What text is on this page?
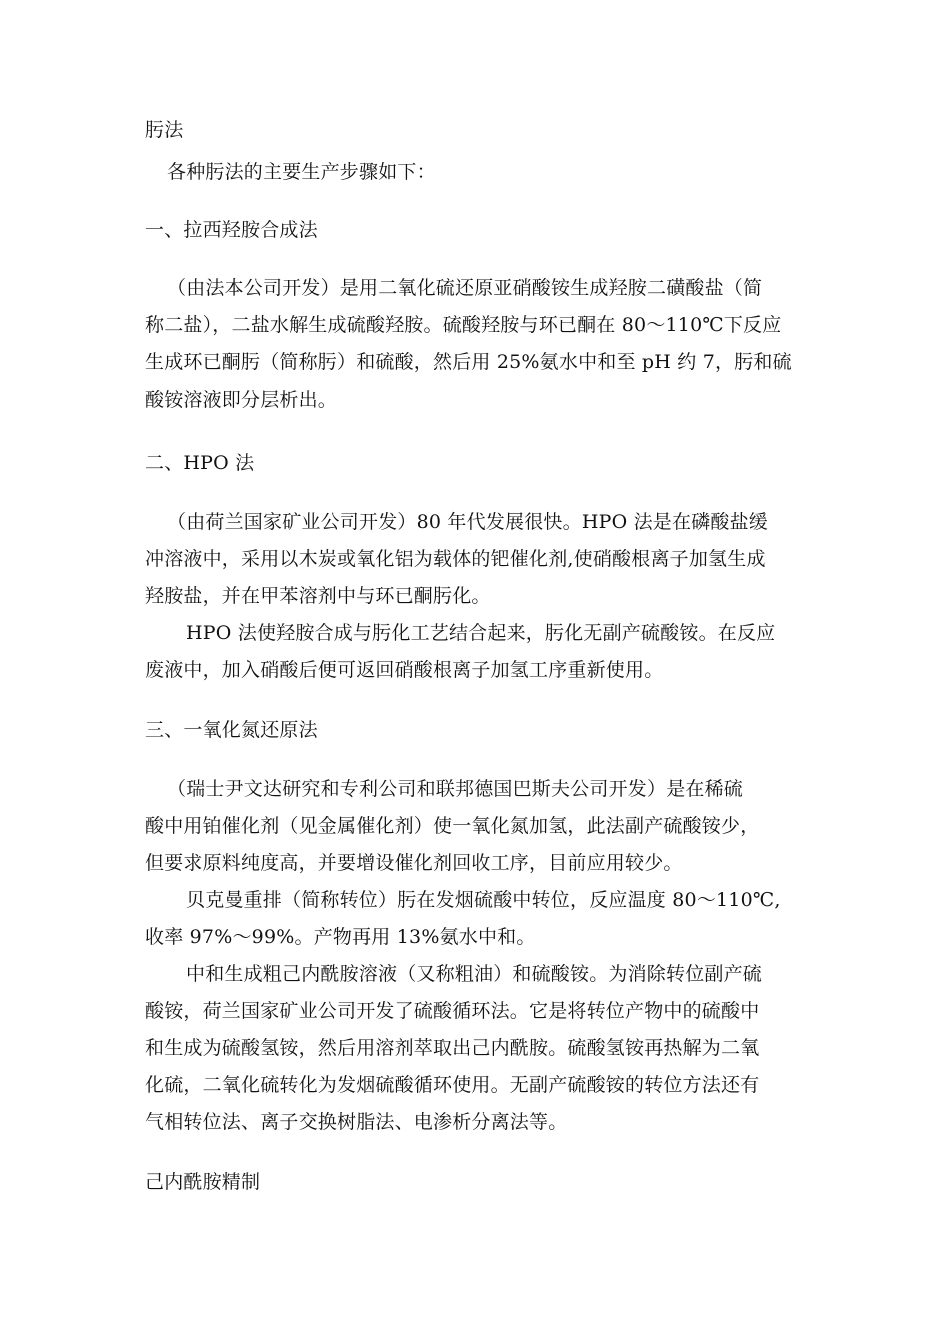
肟法
各种肟法的主要生产步骤如下：
一、拉西羟胺合成法
（由法本公司开发）是用二氧化硫还原亚硝酸铵生成羟胺二磺酸盐（简
称二盐），二盐水解生成硫酸羟胺。硫酸羟胺与环已酮在 80～110℃下反应
生成环已酮肟（简称肟）和硫酸，然后用 25%氨水中和至 pH 约 7，肟和硫
酸铵溶液即分层析出。
二、HPO 法
（由荷兰国家矿业公司开发）80 年代发展很快。HPO 法是在磷酸盐缓
冲溶液中，采用以木炭或氧化铝为载体的钯催化剂,使硝酸根离子加氢生成
羟胺盐，并在甲苯溶剂中与环已酮肟化。
HPO 法使羟胺合成与肟化工艺结合起来，肟化无副产硫酸铵。在反应
废液中，加入硝酸后便可返回硝酸根离子加氢工序重新使用。
三、一氧化氮还原法
（瑞士尹文达研究和专利公司和联邦德国巴斯夫公司开发）是在稀硫
酸中用铂催化剂（见金属催化剂）使一氧化氮加氢，此法副产硫酸铵少，
但要求原料纯度高，并要增设催化剂回收工序，目前应用较少。
贝克曼重排（简称转位）肟在发烟硫酸中转位，反应温度 80～110℃,
收率 97%～99%。产物再用 13%氨水中和。
中和生成粗己内酰胺溶液（又称粗油）和硫酸铵。为消除转位副产硫
酸铵，荷兰国家矿业公司开发了硫酸循环法。它是将转位产物中的硫酸中
和生成为硫酸氢铵，然后用溶剂萃取出己内酰胺。硫酸氢铵再热解为二氧
化硫，二氧化硫转化为发烟硫酸循环使用。无副产硫酸铵的转位方法还有
气相转位法、离子交换树脂法、电渗析分离法等。
己内酰胺精制
